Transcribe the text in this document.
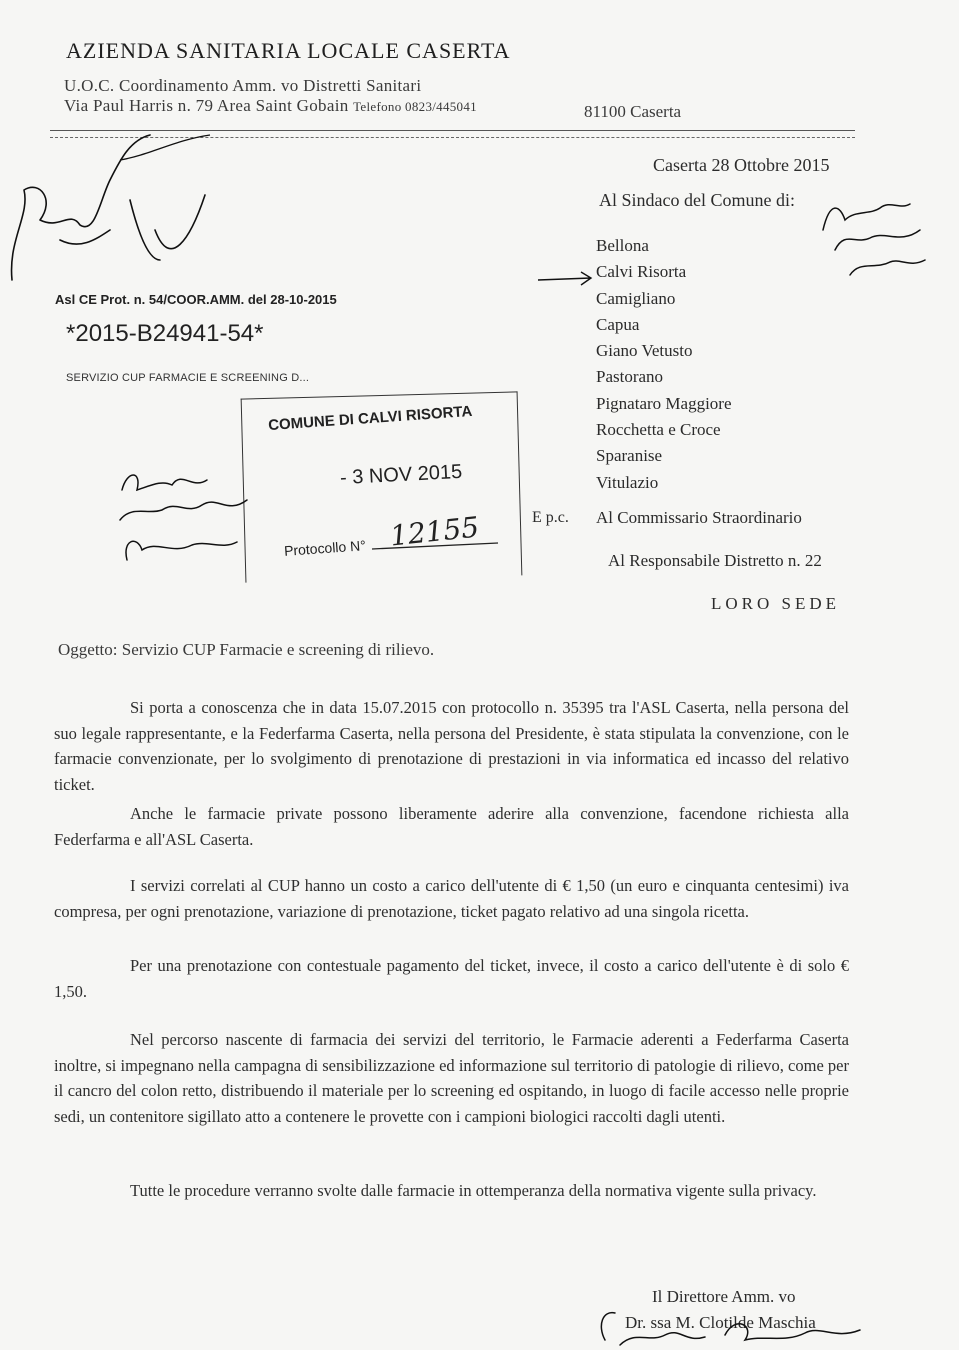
AZIENDA SANITARIA LOCALE CASERTA
U.O.C. Coordinamento Amm. vo Distretti Sanitari
Via Paul Harris n. 79 Area Saint Gobain Telefono 0823/445041	81100 Caserta
Caserta 28 Ottobre 2015
Al Sindaco del Comune di:
Bellona
Calvi Risorta
Camigliano
Capua
Giano Vetusto
Pastorano
Pignataro Maggiore
Rocchetta e Croce
Sparanise
Vitulazio
E p.c. Al Commissario Straordinario
Al Responsabile Distretto n. 22
LORO SEDE
Asl CE Prot. n. 54/COOR.AMM. del 28-10-2015
*2015-B24941-54*
SERVIZIO CUP FARMACIE E SCREENING D...
COMUNE DI CALVI RISORTA
- 3 NOV 2015
Protocollo N° 12155
Oggetto: Servizio CUP Farmacie e screening di rilievo.
Si porta a conoscenza che in data 15.07.2015 con protocollo n. 35395 tra l'ASL Caserta, nella persona del suo legale rappresentante, e la Federfarma Caserta, nella persona del Presidente, è stata stipulata la convenzione, con le farmacie convenzionate, per lo svolgimento di prenotazione di prestazioni in via informatica ed incasso del relativo ticket.
Anche le farmacie private possono liberamente aderire alla convenzione, facendone richiesta alla Federfarma e all'ASL Caserta.
I servizi correlati al CUP hanno un costo a carico dell'utente di € 1,50 (un euro e cinquanta centesimi) iva compresa, per ogni prenotazione, variazione di prenotazione, ticket pagato relativo ad una singola ricetta.
Per una prenotazione con contestuale pagamento del ticket, invece, il costo a carico dell'utente è di solo € 1,50.
Nel percorso nascente di farmacia dei servizi del territorio, le Farmacie aderenti a Federfarma Caserta inoltre, si impegnano nella campagna di sensibilizzazione ed informazione sul territorio di patologie di rilievo, come per il cancro del colon retto, distribuendo il materiale per lo screening ed ospitando, in luogo di facile accesso nelle proprie sedi, un contenitore sigillato atto a contenere le provette con i campioni biologici raccolti dagli utenti.
Tutte le procedure verranno svolte dalle farmacie in ottemperanza della normativa vigente sulla privacy.
Il Direttore Amm. vo
Dr. ssa M. Clotilde Maschia
